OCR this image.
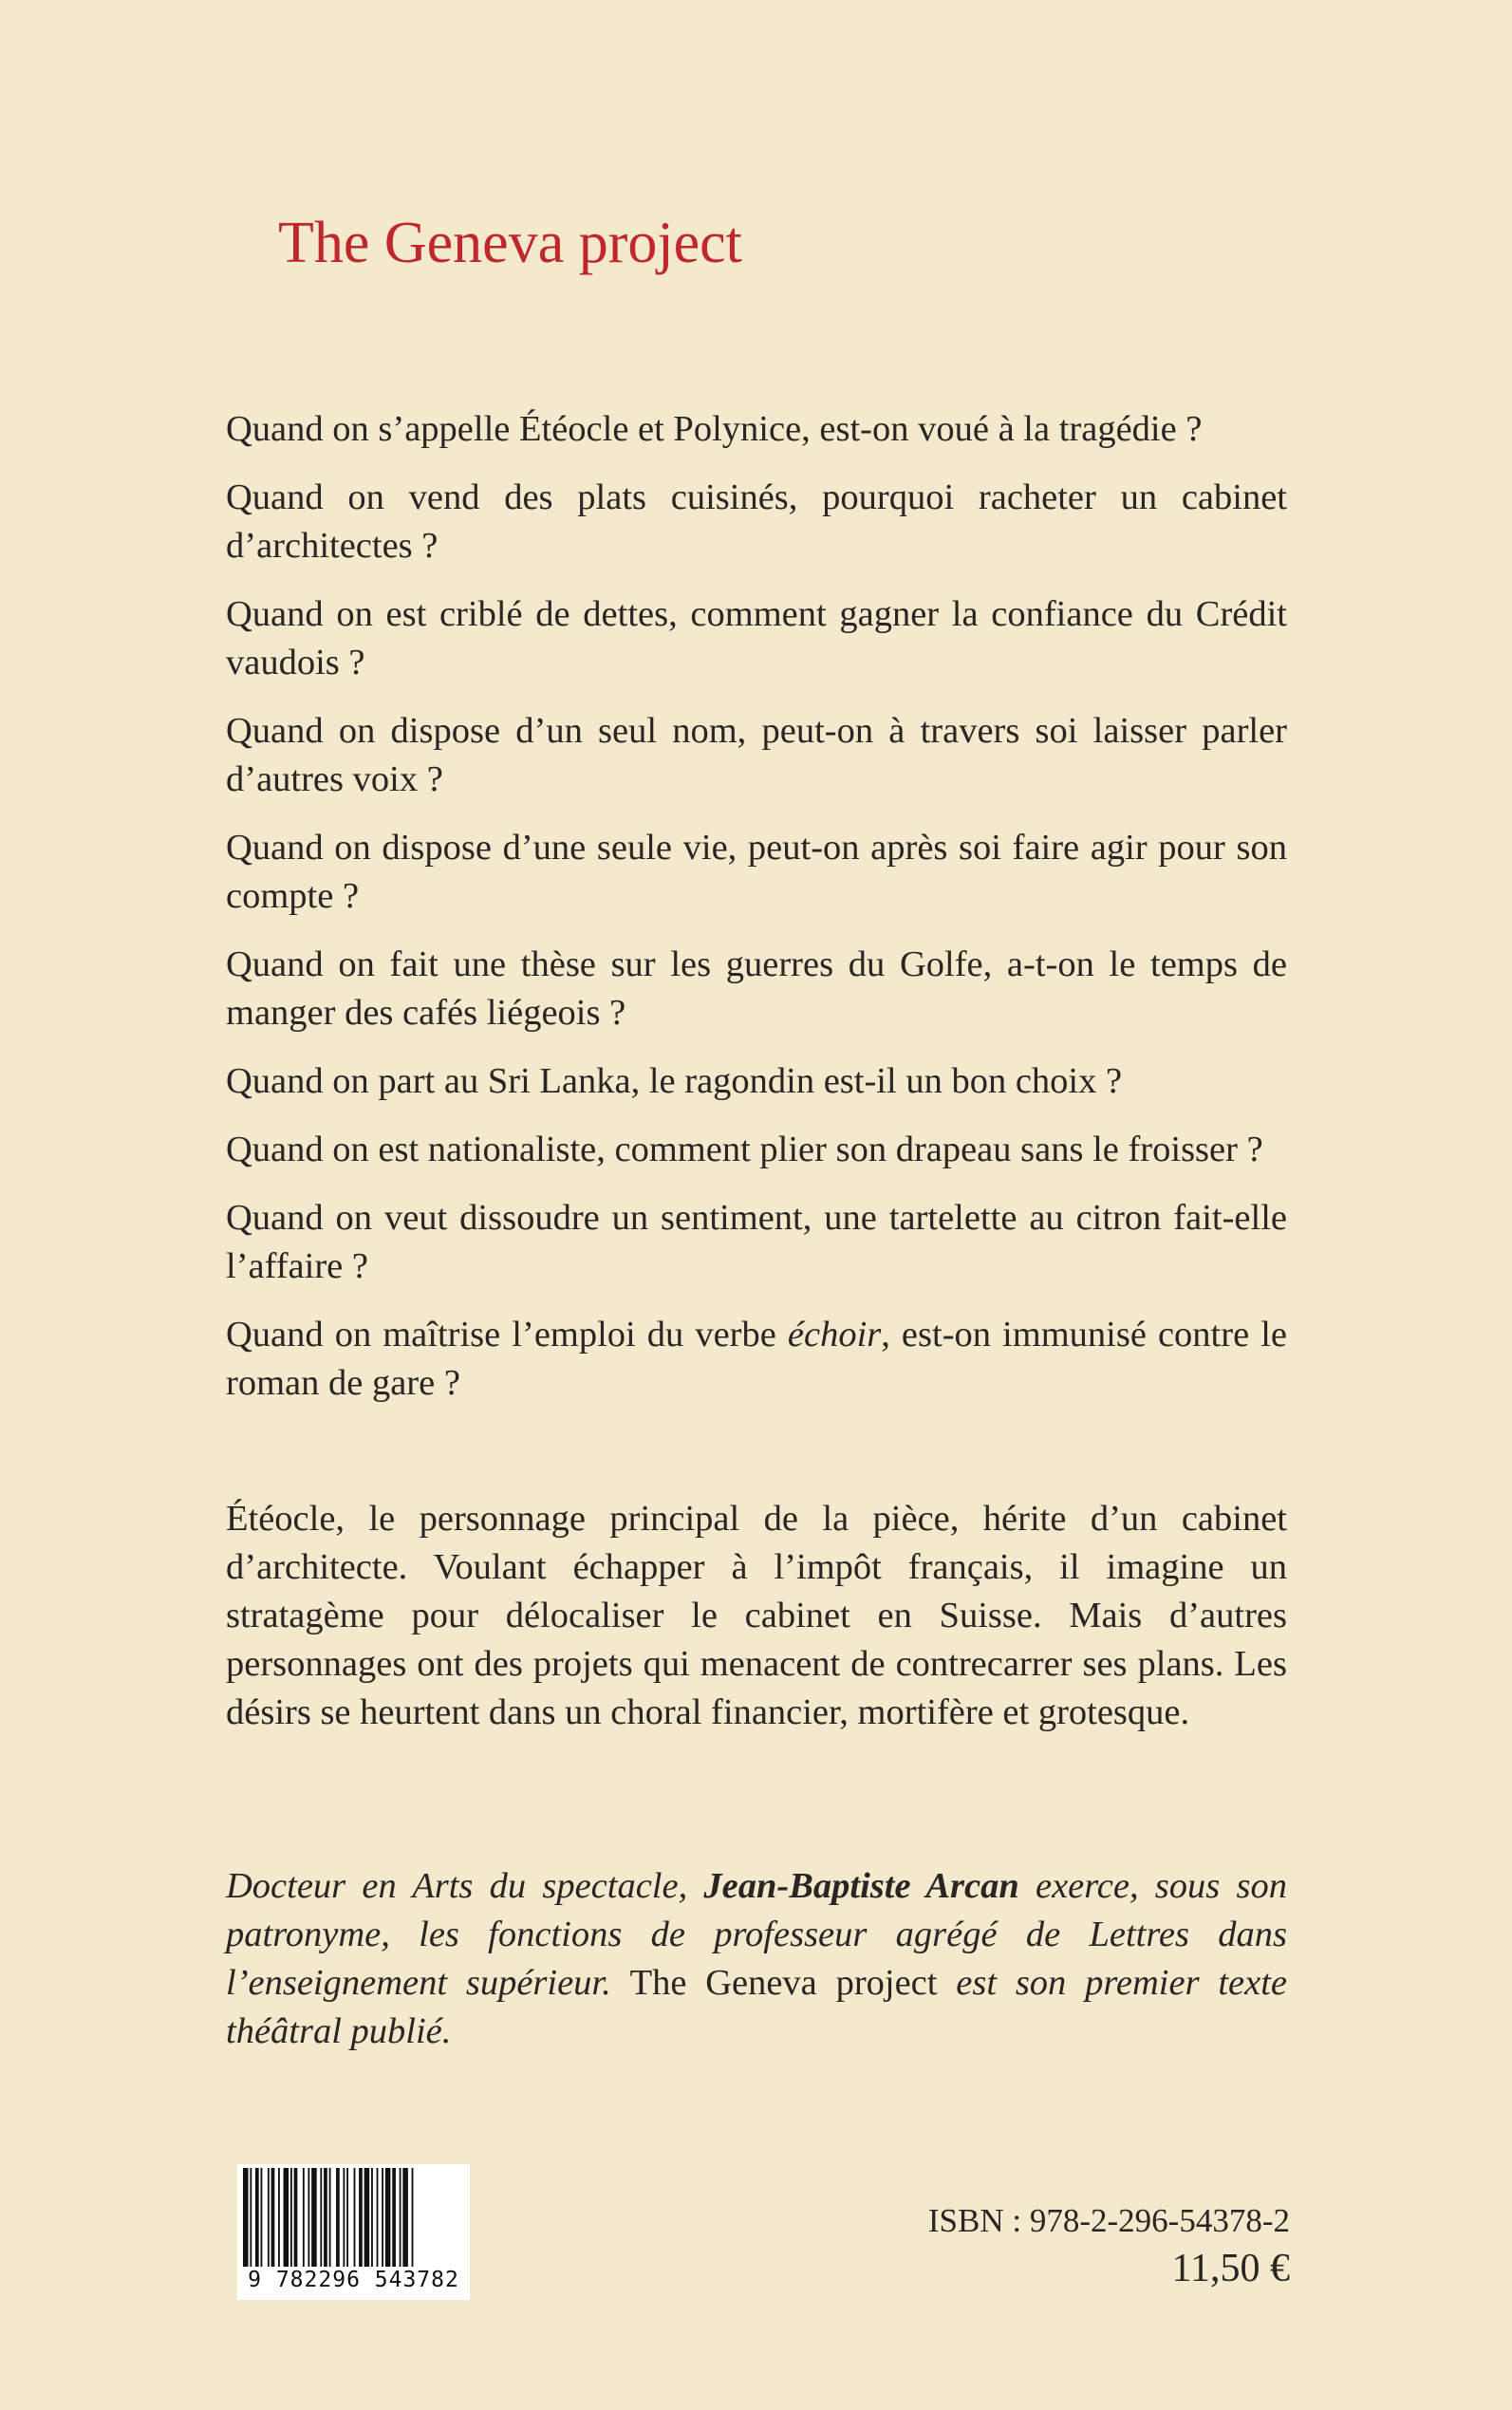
The Geneva project
Quand on s’appelle Étéocle et Polynice, est-on voué à la tragédie ?
Quand on vend des plats cuisinés, pourquoi racheter un cabinet d’architectes ?
Quand on est criblé de dettes, comment gagner la confiance du Crédit vaudois ?
Quand on dispose d’un seul nom, peut-on à travers soi laisser parler d’autres voix ?
Quand on dispose d’une seule vie, peut-on après soi faire agir pour son compte ?
Quand on fait une thèse sur les guerres du Golfe, a-t-on le temps de manger des cafés liégeois ?
Quand on part au Sri Lanka, le ragondin est-il un bon choix ?
Quand on est nationaliste, comment plier son drapeau sans le froisser ?
Quand on veut dissoudre un sentiment, une tartelette au citron fait-elle l’affaire ?
Quand on maîtrise l’emploi du verbe échoir, est-on immunisé contre le roman de gare ?

Étéocle, le personnage principal de la pièce, hérite d’un cabinet d’architecte. Voulant échapper à l’impôt français, il imagine un stratagème pour délocaliser le cabinet en Suisse. Mais d’autres personnages ont des projets qui menacent de contrecarrer ses plans. Les désirs se heurtent dans un choral financier, mortifère et grotesque.

Docteur en Arts du spectacle, Jean-Baptiste Arcan exerce, sous son patronyme, les fonctions de professeur agrégé de Lettres dans l’enseignement supérieur. The Geneva project est son premier texte théâtral publié.

9 782296 543782

ISBN : 978-2-296-54378-2

11,50 €
